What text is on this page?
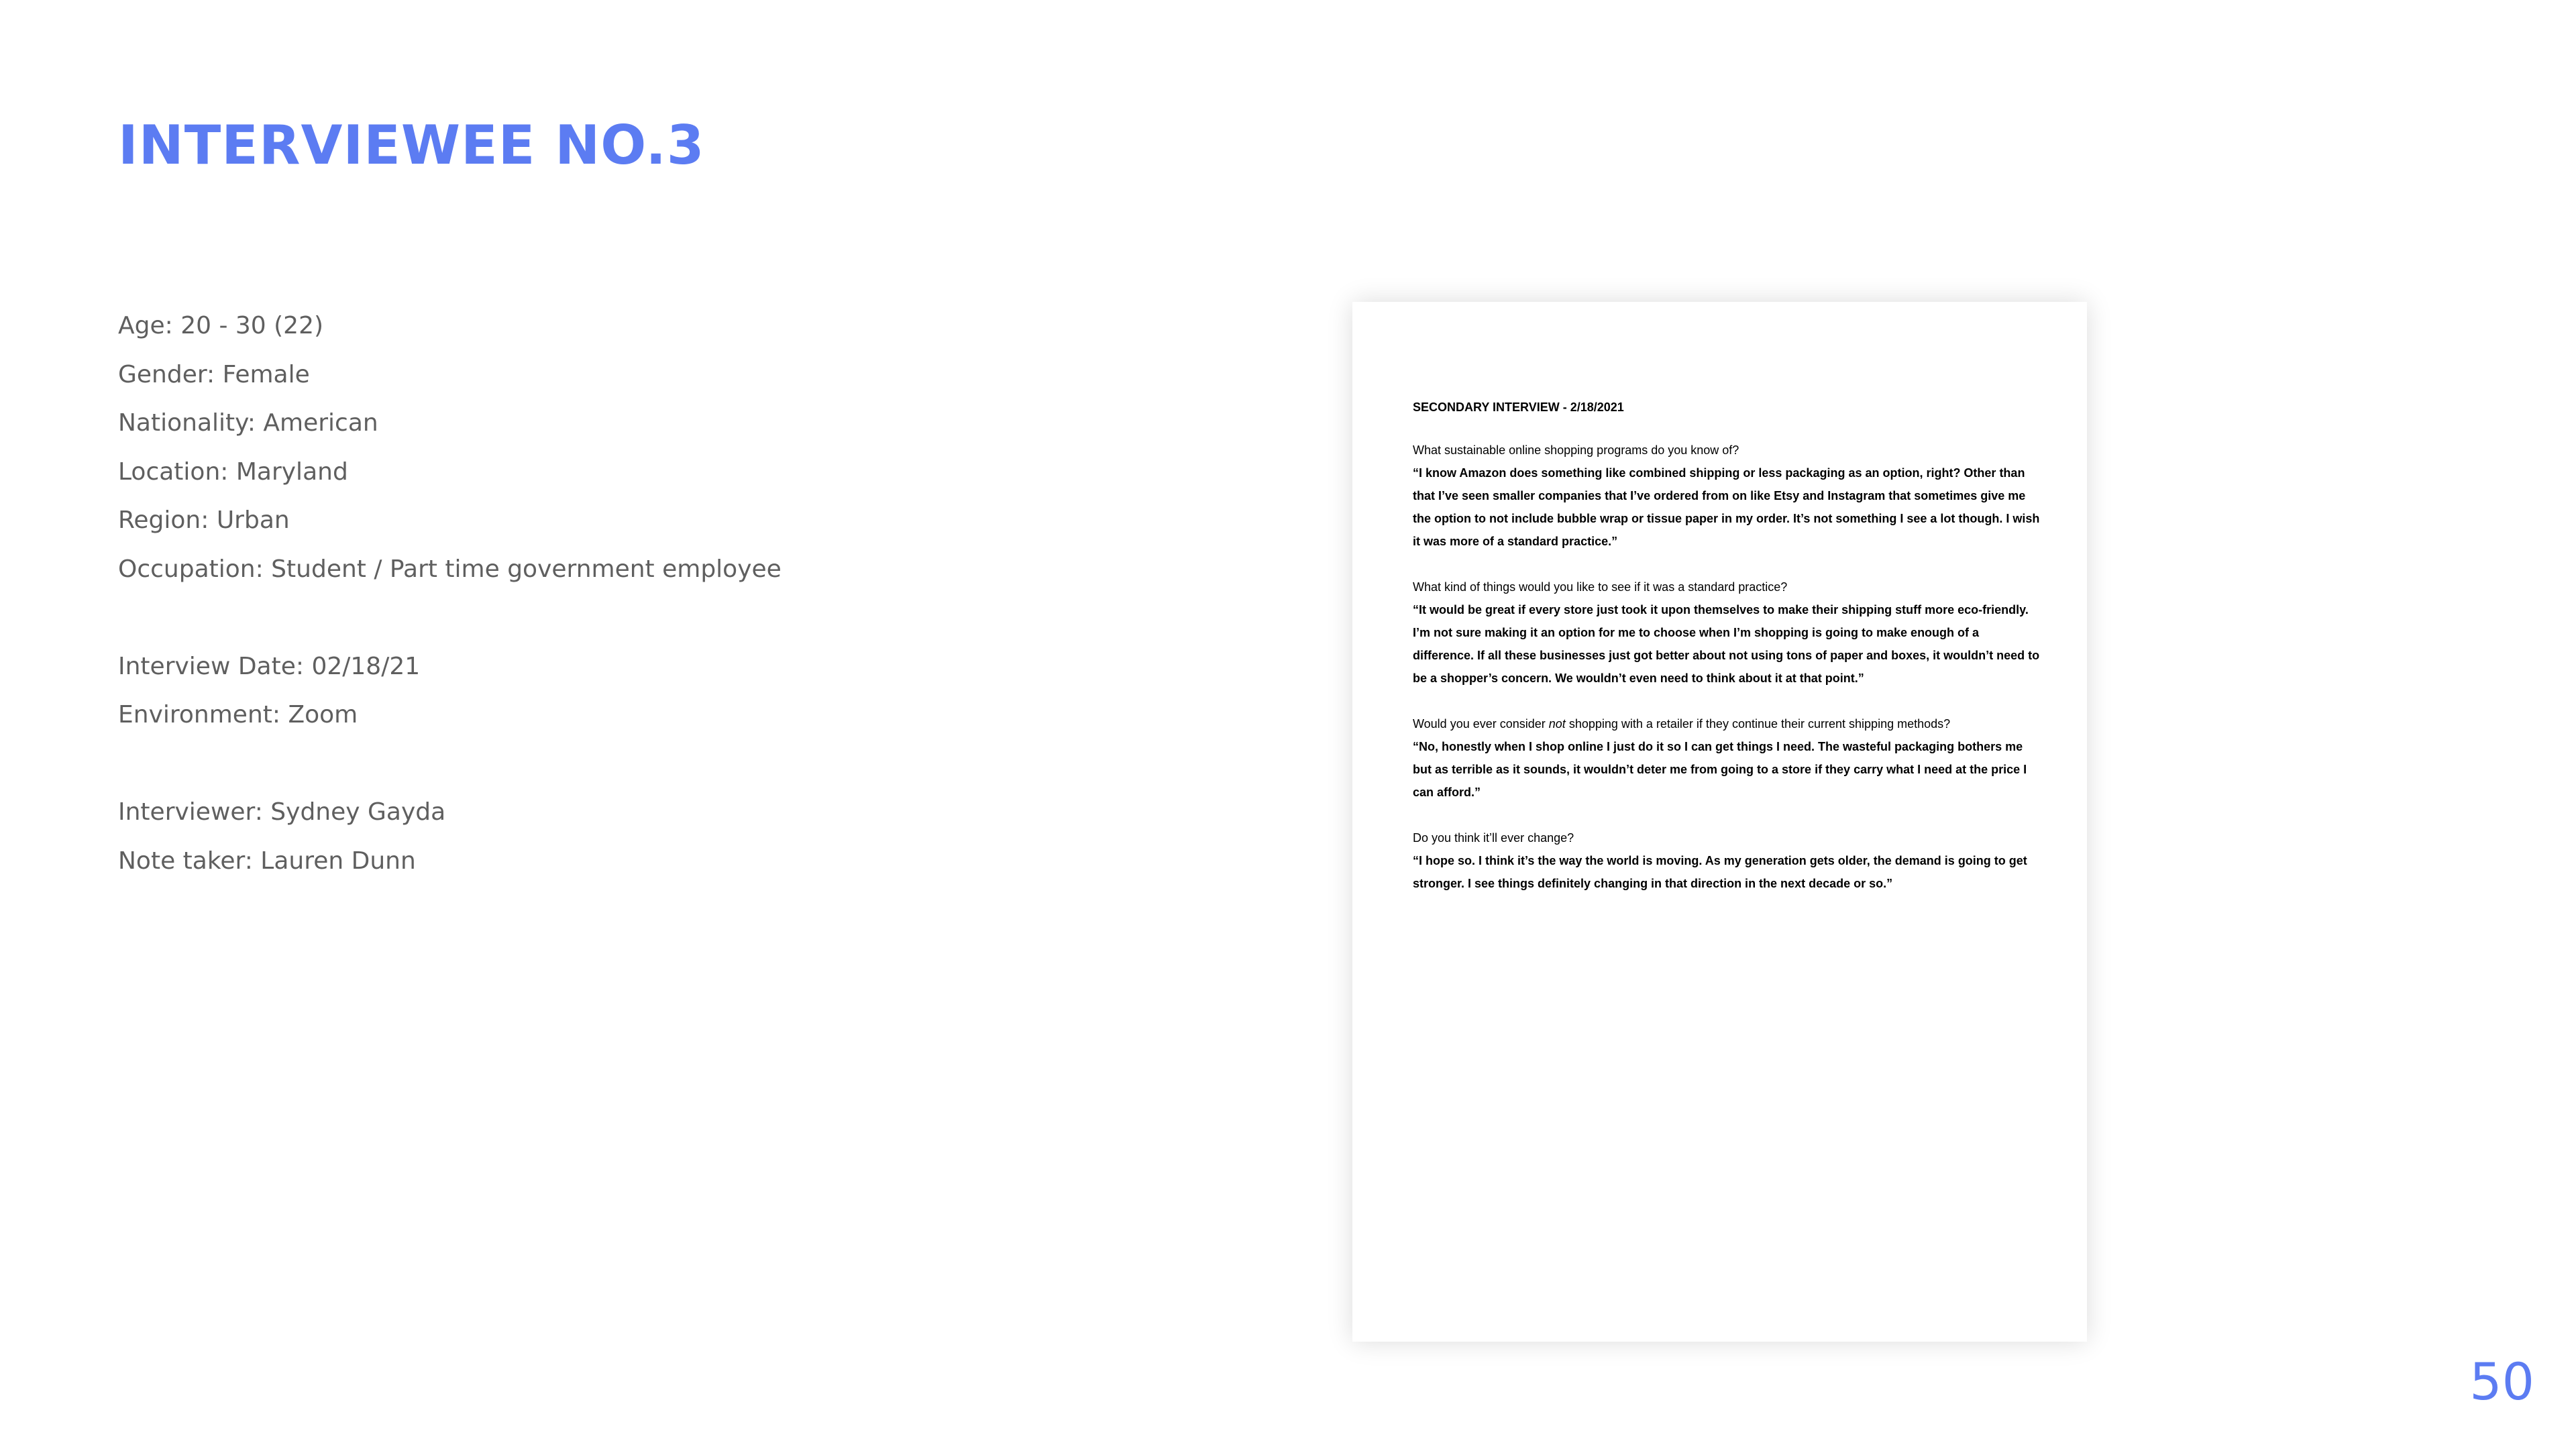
INTERVIEWEE NO.3
Age: 20 - 30 (22)
Gender: Female
Nationality: American
Location: Maryland
Region: Urban
Occupation: Student / Part time government employee
Interview Date: 02/18/21
Environment: Zoom
Interviewer: Sydney Gayda
Note taker: Lauren Dunn

SECONDARY INTERVIEW - 2/18/2021

What sustainable online shopping programs do you know of?
“I know Amazon does something like combined shipping or less packaging as an option, right? Other than that I’ve seen smaller companies that I’ve ordered from on like Etsy and Instagram that sometimes give me the option to not include bubble wrap or tissue paper in my order. It’s not something I see a lot though. I wish it was more of a standard practice.”
What kind of things would you like to see if it was a standard practice?
“It would be great if every store just took it upon themselves to make their shipping stuff more eco-friendly. I’m not sure making it an option for me to choose when I’m shopping is going to make enough of a difference. If all these businesses just got better about not using tons of paper and boxes, it wouldn’t need to be a shopper’s concern. We wouldn’t even need to think about it at that point.”
Would you ever consider not shopping with a retailer if they continue their current shipping methods?
“No, honestly when I shop online I just do it so I can get things I need. The wasteful packaging bothers me but as terrible as it sounds, it wouldn’t deter me from going to a store if they carry what I need at the price I can afford.”
Do you think it’ll ever change?
“I hope so. I think it’s the way the world is moving. As my generation gets older, the demand is going to get stronger. I see things definitely changing in that direction in the next decade or so.”
50
